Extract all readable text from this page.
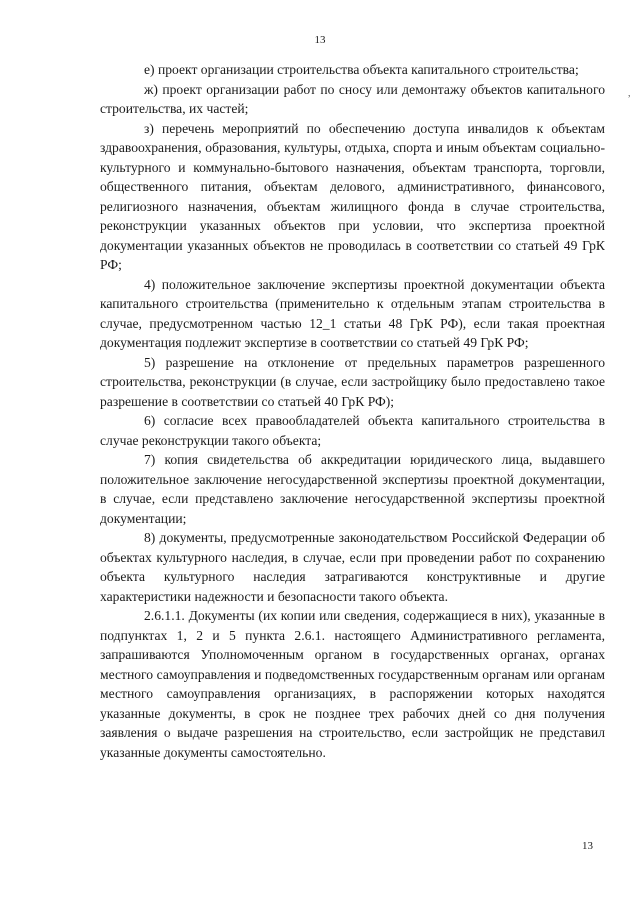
13
,

е) проект организации строительства объекта капитального строительства;

ж) проект организации работ по сносу или демонтажу объектов капитального строительства, их частей;

з) перечень мероприятий по обеспечению доступа инвалидов к объектам здравоохранения, образования, культуры, отдыха, спорта и иным объектам социально-культурного и коммунально-бытового назначения, объектам транспорта, торговли, общественного питания, объектам делового, административного, финансового, религиозного назначения, объектам жилищного фонда в случае строительства, реконструкции указанных объектов при условии, что экспертиза проектной документации указанных объектов не проводилась в соответствии со статьей 49 ГрК РФ;

4) положительное заключение экспертизы проектной документации объекта капитального строительства (применительно к отдельным этапам строительства в случае, предусмотренном частью 12_1 статьи 48 ГрК РФ), если такая проектная документация подлежит экспертизе в соответствии со статьей 49 ГрК РФ;

5) разрешение на отклонение от предельных параметров разрешенного строительства, реконструкции (в случае, если застройщику было предоставлено такое разрешение в соответствии со статьей 40 ГрК РФ);

6) согласие всех правообладателей объекта капитального строительства в случае реконструкции такого объекта;

7) копия свидетельства об аккредитации юридического лица, выдавшего положительное заключение негосударственной экспертизы проектной документации, в случае, если представлено заключение негосударственной экспертизы проектной документации;

8) документы, предусмотренные законодательством Российской Федерации об объектах культурного наследия, в случае, если при проведении работ по сохранению объекта культурного наследия затрагиваются конструктивные и другие характеристики надежности и безопасности такого объекта.

2.6.1.1. Документы (их копии или сведения, содержащиеся в них), указанные в подпунктах 1, 2 и 5 пункта 2.6.1. настоящего Административного регламента, запрашиваются Уполномоченным органом в государственных органах, органах местного самоуправления и подведомственных государственным органам или органам местного самоуправления организациях, в распоряжении которых находятся указанные документы, в срок не позднее трех рабочих дней со дня получения заявления о выдаче разрешения на строительство, если застройщик не представил указанные документы самостоятельно.

13
